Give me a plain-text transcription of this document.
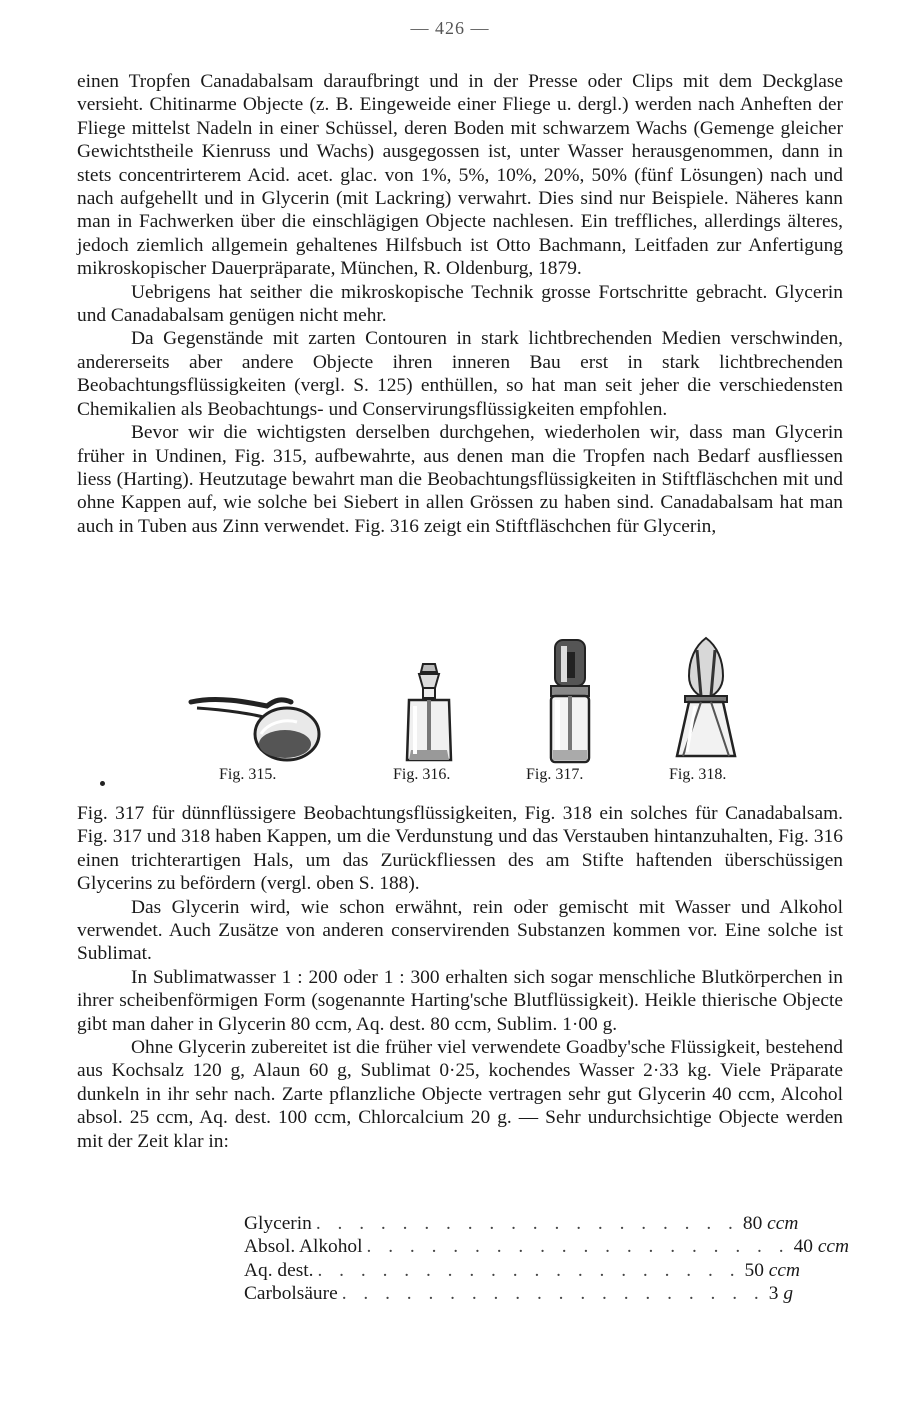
— 426 —

einen Tropfen Canadabalsam daraufbringt und in der Presse oder Clips mit dem Deckglase versieht. Chitinarme Objecte (z. B. Eingeweide einer Fliege u. dergl.) werden nach Anheften der Fliege mittelst Nadeln in einer Schüssel, deren Boden mit schwarzem Wachs (Gemenge gleicher Gewichtstheile Kienruss und Wachs) ausgegossen ist, unter Wasser herausgenommen, dann in stets concentrirterem Acid. acet. glac. von 1%, 5%, 10%, 20%, 50% (fünf Lösungen) nach und nach aufgehellt und in Glycerin (mit Lackring) verwahrt. Dies sind nur Beispiele. Näheres kann man in Fachwerken über die einschlägigen Objecte nachlesen. Ein treffliches, allerdings älteres, jedoch ziemlich allgemein gehaltenes Hilfsbuch ist Otto Bachmann, Leitfaden zur Anfertigung mikroskopischer Dauerpräparate, München, R. Oldenburg, 1879.

Uebrigens hat seither die mikroskopische Technik grosse Fortschritte gebracht. Glycerin und Canadabalsam genügen nicht mehr.

Da Gegenstände mit zarten Contouren in stark lichtbrechenden Medien verschwinden, andererseits aber andere Objecte ihren inneren Bau erst in stark lichtbrechenden Beobachtungsflüssigkeiten (vergl. S. 125) enthüllen, so hat man seit jeher die verschiedensten Chemikalien als Beobachtungs- und Conservirungsflüssigkeiten empfohlen.

Bevor wir die wichtigsten derselben durchgehen, wiederholen wir, dass man Glycerin früher in Undinen, Fig. 315, aufbewahrte, aus denen man die Tropfen nach Bedarf ausfliessen liess (Harting). Heutzutage bewahrt man die Beobachtungsflüssigkeiten in Stiftfläschchen mit und ohne Kappen auf, wie solche bei Siebert in allen Grössen zu haben sind. Canadabalsam hat man auch in Tuben aus Zinn verwendet. Fig. 316 zeigt ein Stiftfläschchen für Glycerin,

Fig. 315.	Fig. 316.	Fig. 317.	Fig. 318.

Fig. 317 für dünnflüssigere Beobachtungsflüssigkeiten, Fig. 318 ein solches für Canadabalsam. Fig. 317 und 318 haben Kappen, um die Verdunstung und das Verstauben hintanzuhalten, Fig. 316 einen trichterartigen Hals, um das Zurückfliessen des am Stifte haftenden überschüssigen Glycerins zu befördern (vergl. oben S. 188).

Das Glycerin wird, wie schon erwähnt, rein oder gemischt mit Wasser und Alkohol verwendet. Auch Zusätze von anderen conservirenden Substanzen kommen vor. Eine solche ist Sublimat.

In Sublimatwasser 1 : 200 oder 1 : 300 erhalten sich sogar menschliche Blutkörperchen in ihrer scheibenförmigen Form (sogenannte Harting'sche Blutflüssigkeit). Heikle thierische Objecte gibt man daher in Glycerin 80 ccm, Aq. dest. 80 ccm, Sublim. 1·00 g.

Ohne Glycerin zubereitet ist die früher viel verwendete Goadby'sche Flüssigkeit, bestehend aus Kochsalz 120 g, Alaun 60 g, Sublimat 0·25, kochendes Wasser 2·33 kg. Viele Präparate dunkeln in ihr sehr nach. Zarte pflanzliche Objecte vertragen sehr gut Glycerin 40 ccm, Alcohol absol. 25 ccm, Aq. dest. 100 ccm, Chlorcalcium 20 g. — Sehr undurchsichtige Objecte werden mit der Zeit klar in:

Glycerin . . . . . . . . . . . . . . . . . . . . 80 ccm
Absol. Alkohol . . . . . . . . . . . . . . . . . . . . 40 ccm
Aq. dest. . . . . . . . . . . . . . . . . . . . . 50 ccm
Carbolsäure . . . . . . . . . . . . . . . . . . . . 3 g
